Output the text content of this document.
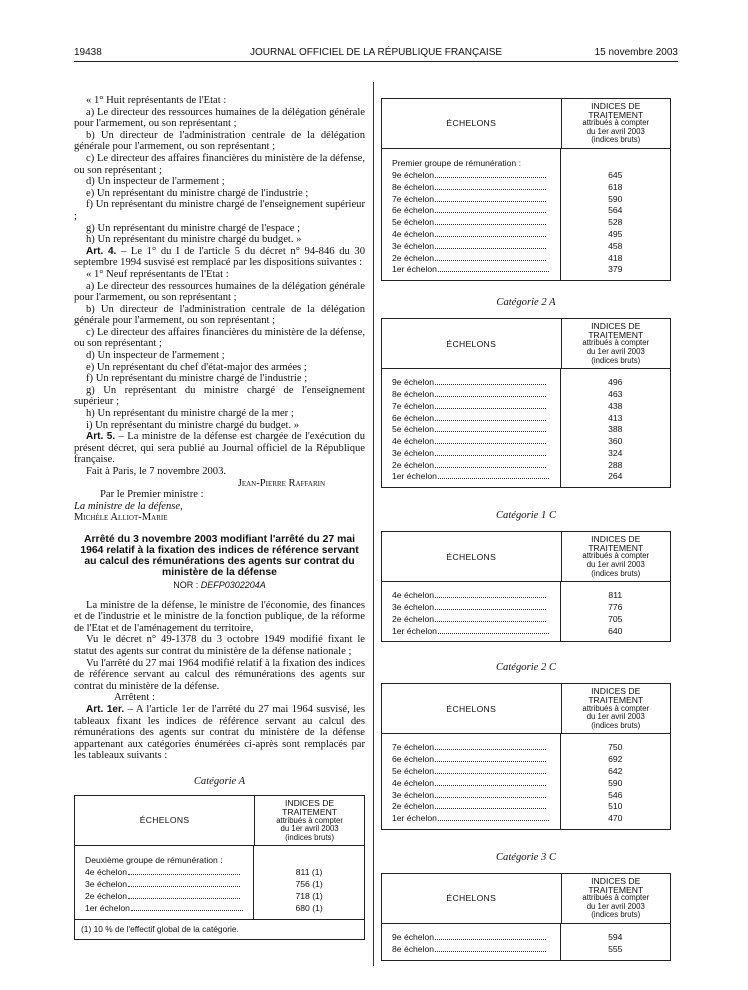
19438	JOURNAL OFFICIEL DE LA RÉPUBLIQUE FRANÇAISE	15 novembre 2003

« 1° Huit représentants de l'Etat :

a) Le directeur des ressources humaines de la délégation générale pour l'armement, ou son représentant ;

b) Un directeur de l'administration centrale de la délégation générale pour l'armement, ou son représentant ;

c) Le directeur des affaires financières du ministère de la défense, ou son représentant ;

d) Un inspecteur de l'armement ;

e) Un représentant du ministre chargé de l'industrie ;

f) Un représentant du ministre chargé de l'enseignement supérieur ;

g) Un représentant du ministre chargé de l'espace ;

h) Un représentant du ministre chargé du budget. »

Art. 4. – Le 1° du I de l'article 5 du décret n° 94-846 du 30 septembre 1994 susvisé est remplacé par les dispositions suivantes :

« 1° Neuf représentants de l'Etat :

a) Le directeur des ressources humaines de la délégation générale pour l'armement, ou son représentant ;

b) Un directeur de l'administration centrale de la délégation générale pour l'armement, ou son représentant ;

c) Le directeur des affaires financières du ministère de la défense, ou son représentant ;

d) Un inspecteur de l'armement ;

e) Un représentant du chef d'état-major des armées ;

f) Un représentant du ministre chargé de l'industrie ;

g) Un représentant du ministre chargé de l'enseignement supérieur ;

h) Un représentant du ministre chargé de la mer ;

i) Un représentant du ministre chargé du budget. »

Art. 5. – La ministre de la défense est chargée de l'exécution du présent décret, qui sera publié au Journal officiel de la République française.

Fait à Paris, le 7 novembre 2003.

Jean-Pierre Raffarin

Par le Premier ministre :

La ministre de la défense,

Michèle Alliot-Marie

Arrêté du 3 novembre 2003 modifiant l'arrêté du 27 mai 1964 relatif à la fixation des indices de référence servant au calcul des rémunérations des agents sur contrat du ministère de la défense
NOR : DEFP0302204A

La ministre de la défense, le ministre de l'économie, des finances et de l'industrie et le ministre de la fonction publique, de la réforme de l'Etat et de l'aménagement du territoire,

Vu le décret n° 49-1378 du 3 octobre 1949 modifié fixant le statut des agents sur contrat du ministère de la défense nationale ;

Vu l'arrêté du 27 mai 1964 modifié relatif à la fixation des indices de référence servant au calcul des rémunérations des agents sur contrat du ministère de la défense.

Arrêtent :

Art. 1er. – A l'article 1er de l'arrêté du 27 mai 1964 susvisé, les tableaux fixant les indices de référence servant au calcul des rémunérations des agents sur contrat du ministère de la défense appartenant aux catégories énumérées ci-après sont remplacés par les tableaux suivants :

Catégorie A
ÉCHELONS
INDICES DE TRAITEMENT
attribués à compter
du 1er avril 2003
(indices bruts)
Deuxième groupe de rémunération :
4e échelon
3e échelon
2e échelon
1er échelon
811 (1)
756 (1)
718 (1)
680 (1)
(1) 10 % de l'effectif global de la catégorie.
ÉCHELONS
INDICES DE TRAITEMENT
attribués à compter
du 1er avril 2003
(indices bruts)
Premier groupe de rémunération :
9e échelon
8e échelon
7e échelon
6e échelon
5e échelon
4e échelon
3e échelon
2e échelon
1er échelon
645
618
590
564
528
495
458
418
379
Catégorie 2 A
ÉCHELONS
INDICES DE TRAITEMENT
attribués à compter
du 1er avril 2003
(indices bruts)
9e échelon
8e échelon
7e échelon
6e échelon
5e échelon
4e échelon
3e échelon
2e échelon
1er échelon
496
463
438
413
388
360
324
288
264
Catégorie 1 C
ÉCHELONS
INDICES DE TRAITEMENT
attribués à compter
du 1er avril 2003
(indices bruts)
4e échelon
3e échelon
2e échelon
1er échelon
811
776
705
640
Catégorie 2 C
ÉCHELONS
INDICES DE TRAITEMENT
attribués à compter
du 1er avril 2003
(indices bruts)
7e échelon
6e échelon
5e échelon
4e échelon
3e échelon
2e échelon
1er échelon
750
692
642
590
546
510
470
Catégorie 3 C
ÉCHELONS
INDICES DE TRAITEMENT
attribués à compter
du 1er avril 2003
(indices bruts)
9e échelon
8e échelon
594
555
